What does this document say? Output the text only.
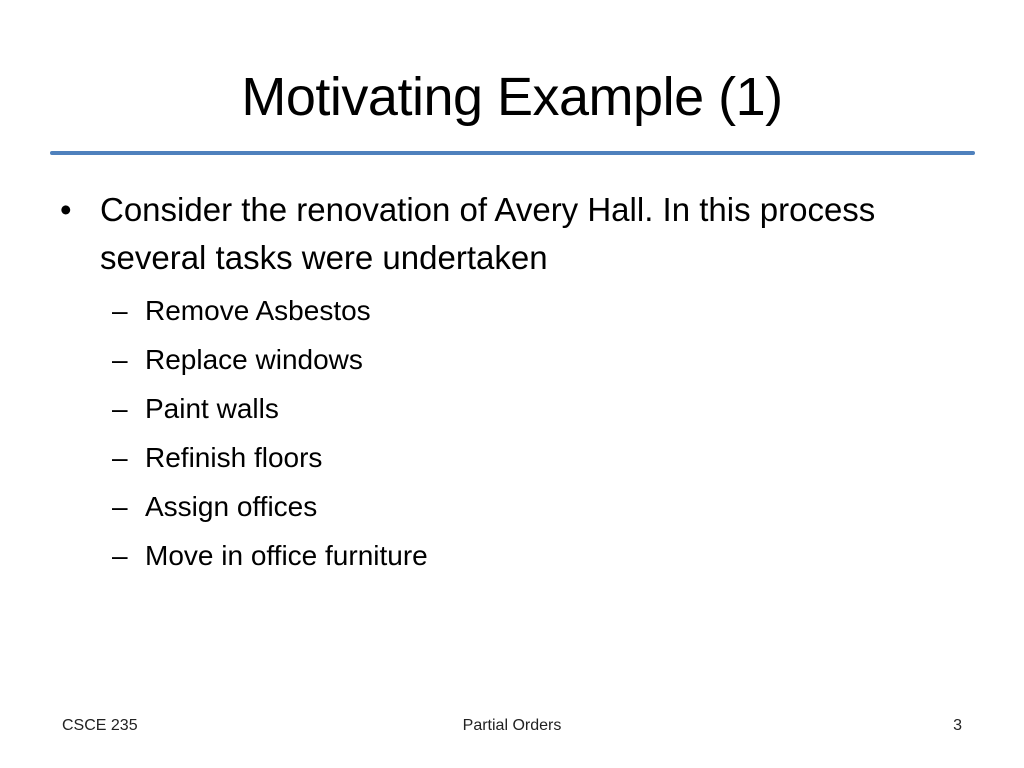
Motivating Example (1)
• Consider the renovation of Avery Hall. In this process several tasks were undertaken
– Remove Asbestos
– Replace windows
– Paint walls
– Refinish floors
– Assign offices
– Move in office furniture
CSCE 235	Partial Orders	3
